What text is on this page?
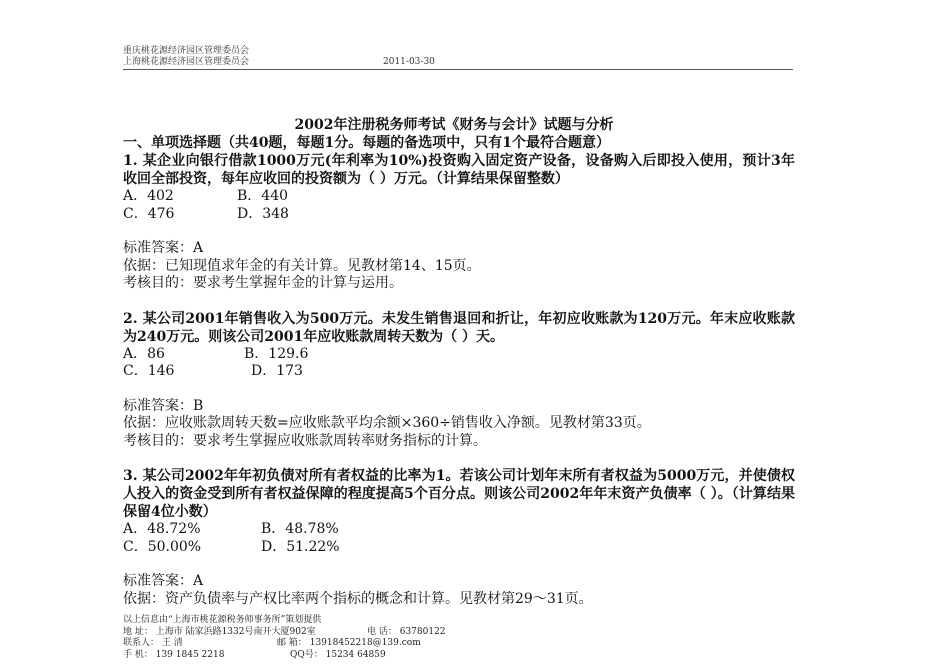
重庆桃花源经济园区管理委员会
上海桃花源经济园区管理委员会	2011-03-30
2002年注册税务师考试《财务与会计》试题与分析
一、单项选择题（共40题，每题1分。每题的备选项中，只有1个最符合题意）
1. 某企业向银行借款1000万元(年利率为10%)投资购入固定资产设备，设备购入后即投入使用，预计3年收回全部投资，每年应收回的投资额为（ ）万元。（计算结果保留整数）
A．402	B．440
C．476	D．348
标准答案：A
依据：已知现值求年金的有关计算。见教材第14、15页。
考核目的：要求考生掌握年金的计算与运用。
2. 某公司2001年销售收入为500万元。未发生销售退回和折让，年初应收账款为120万元。年末应收账款为240万元。则该公司2001年应收账款周转天数为（ ）天。
A．86	B．129.6
C．146	D．173
标准答案：B
依据：应收账款周转天数=应收账款平均余额×360÷销售收入净额。见教材第33页。
考核目的：要求考生掌握应收账款周转率财务指标的计算。
3. 某公司2002年年初负债对所有者权益的比率为1。若该公司计划年末所有者权益为5000万元，并使债权人投入的资金受到所有者权益保障的程度提高5个百分点。则该公司2002年年末资产负债率（ ）。（计算结果保留4位小数）
A．48.72%	B．48.78%
C．50.00%	D．51.22%
标准答案：A
依据：资产负债率与产权比率两个指标的概念和计算。见教材第29～31页。
以上信息由“上海市桃花源税务师事务所”策划提供
地 址： 上海市 陆家浜路1332号南开大厦902室	电 话： 63780122
联系人： 王 清	邮 箱： 13918452218@139.com
手 机： 139 1845 2218	QQ号： 15234 64859
